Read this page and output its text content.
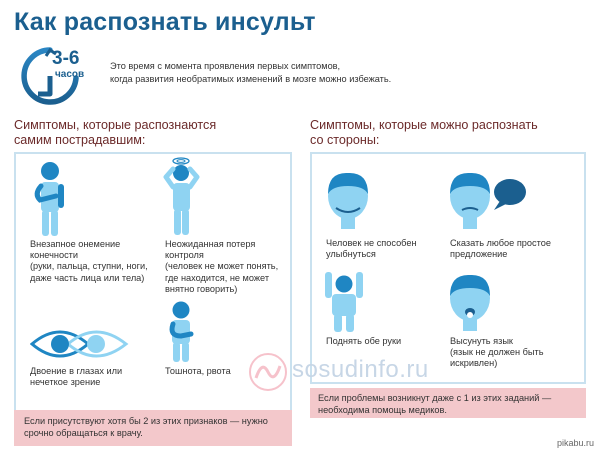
Как распознать инсульт
3-6
часов
Это время с момента проявления первых симптомов,
когда развития необратимых изменений в мозге можно избежать.
Симптомы, которые распознаются
самим пострадавшим:
Симптомы, которые можно распознать
со стороны:
Внезапное онемение
конечности
(руки, пальца, ступни, ноги,
даже часть лица или тела)
Неожиданная потеря
контроля
(человек не может понять,
где находится, не может
внятно говорить)
Двоение в глазах или
нечеткое зрение
Тошнота, рвота
Если присутствуют хотя бы 2 из этих признаков — нужно
срочно обращаться к врачу.
Человек не способен
улыбнуться
Сказать любое простое
предложение
Поднять обе руки	Высунуть язык
(язык не должен быть
искривлен)
Если проблемы возникнут даже с 1 из этих заданий —
необходима помощь медиков.
sosudinfo.ru
pikabu.ru
